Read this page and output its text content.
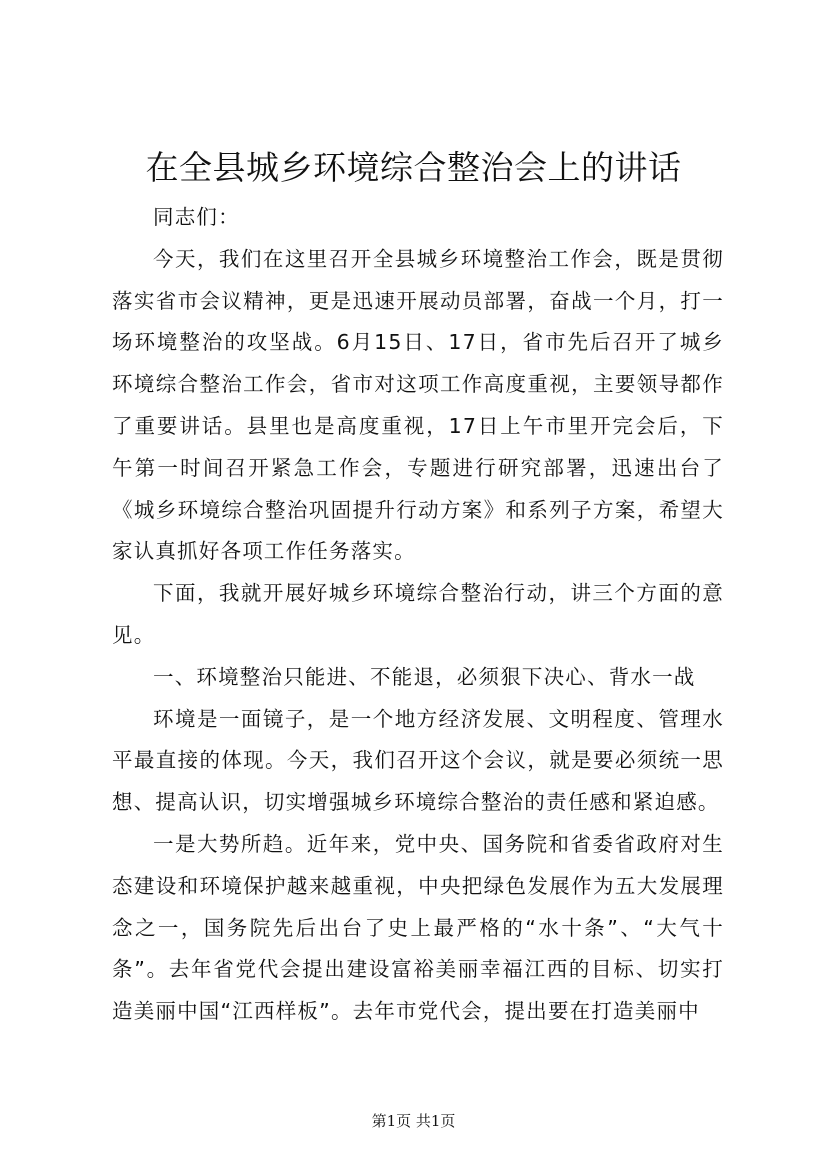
在全县城乡环境综合整治会上的讲话

同志们：

今天，我们在这里召开全县城乡环境整治工作会，既是贯彻落实省市会议精神，更是迅速开展动员部署，奋战一个月，打一场环境整治的攻坚战。6月15日、17日，省市先后召开了城乡环境综合整治工作会，省市对这项工作高度重视，主要领导都作了重要讲话。县里也是高度重视，17日上午市里开完会后，下午第一时间召开紧急工作会，专题进行研究部署，迅速出台了《城乡环境综合整治巩固提升行动方案》和系列子方案，希望大家认真抓好各项工作任务落实。

下面，我就开展好城乡环境综合整治行动，讲三个方面的意见。

一、环境整治只能进、不能退，必须狠下决心、背水一战

环境是一面镜子，是一个地方经济发展、文明程度、管理水平最直接的体现。今天，我们召开这个会议，就是要必须统一思想、提高认识，切实增强城乡环境综合整治的责任感和紧迫感。

一是大势所趋。近年来，党中央、国务院和省委省政府对生态建设和环境保护越来越重视，中央把绿色发展作为五大发展理念之一，国务院先后出台了史上最严格的“水十条”、“大气十条”。去年省党代会提出建设富裕美丽幸福江西的目标、切实打造美丽中国“江西样板”。去年市党代会，提出要在打造美丽中

第1页 共1页
